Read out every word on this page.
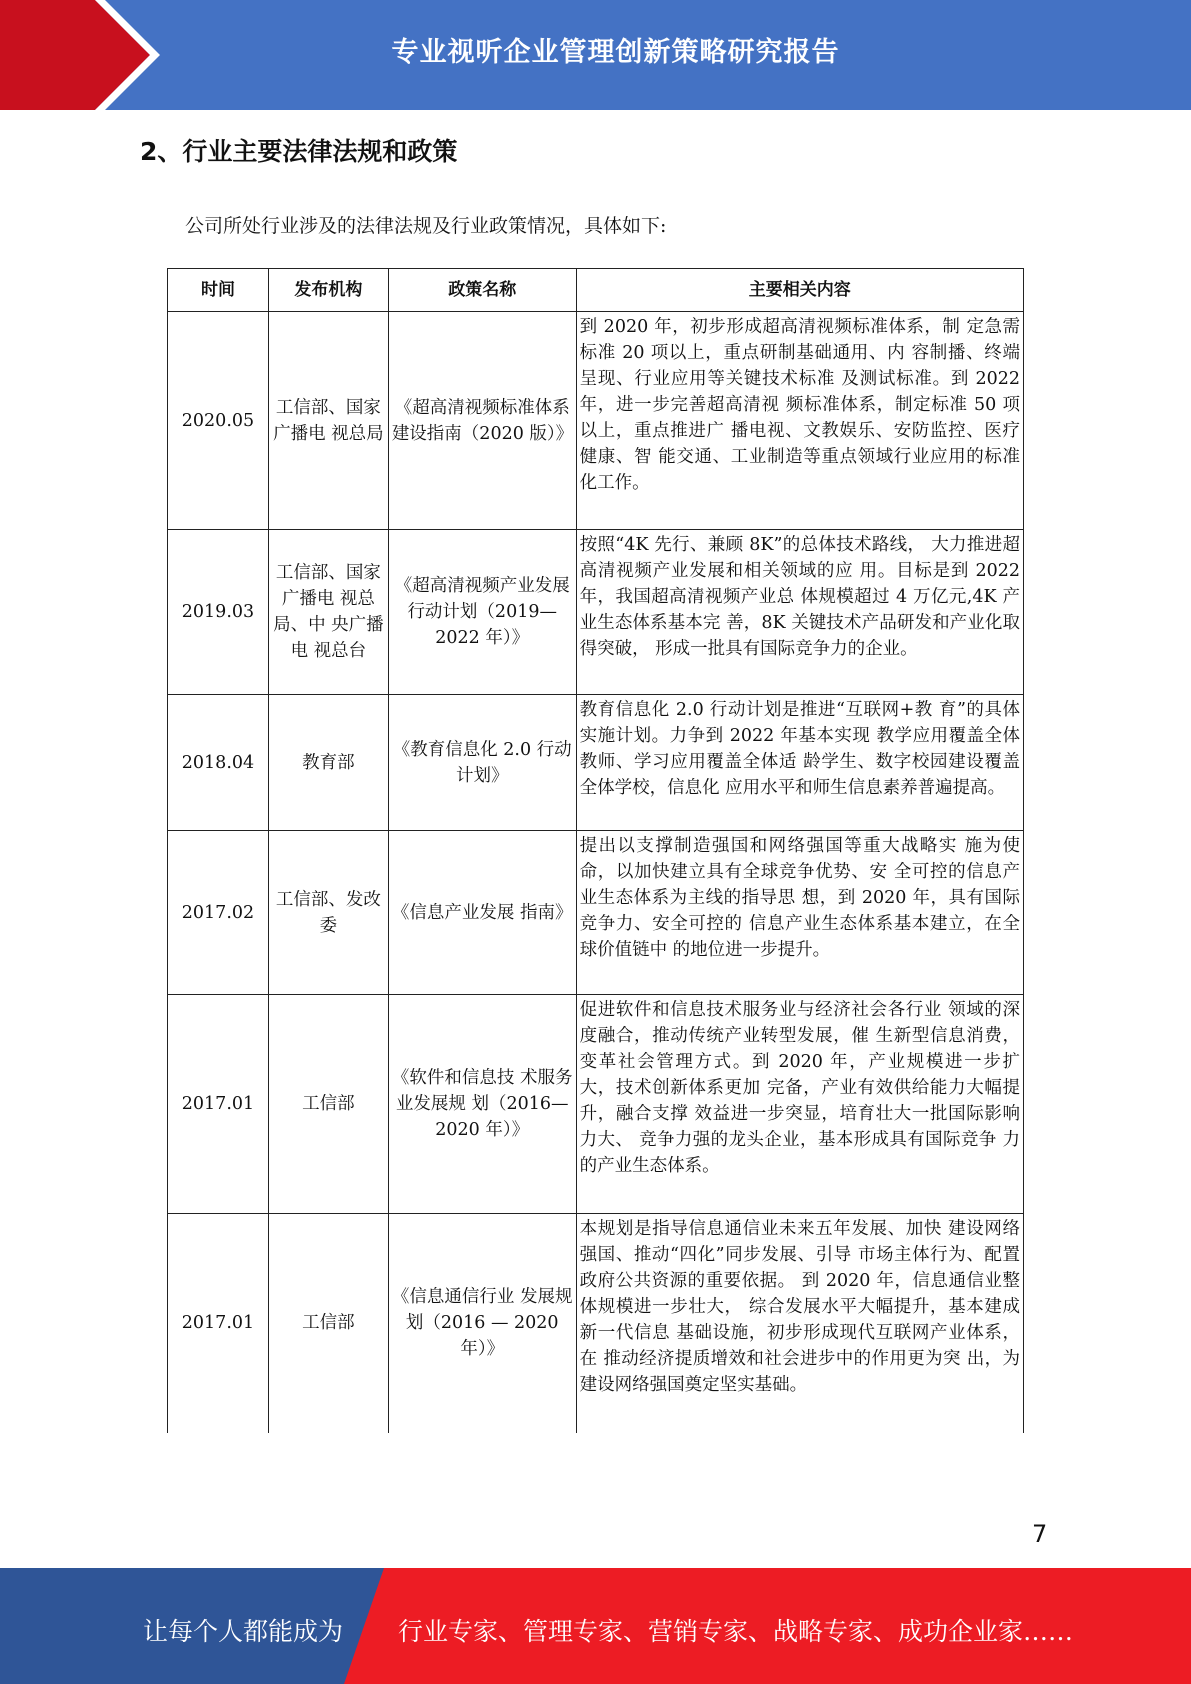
专业视听企业管理创新策略研究报告
2、行业主要法律法规和政策
公司所处行业涉及的法律法规及行业政策情况，具体如下:
时间	发布机构	政策名称	主要相关内容
2020.05	工信部、国家广播电 视总局	《超高清视频标准体系建设指南（2020 版）》	到 2020 年，初步形成超高清视频标准体系，制 定急需标准 20 项以上，重点研制基础通用、内 容制播、终端呈现、行业应用等关键技术标准 及测试标准。到 2022 年，进一步完善超高清视 频标准体系，制定标准 50 项以上，重点推进广 播电视、文教娱乐、安防监控、医疗健康、智 能交通、工业制造等重点领域行业应用的标准 化工作。
2019.03	工信部、国家广播电 视总局、中 央广播电 视总台	《超高清视频产业发展行动计划（2019—2022 年）》	按照“4K 先行、兼顾 8K”的总体技术路线， 大力推进超高清视频产业发展和相关领域的应 用。目标是到 2022 年，我国超高清视频产业总 体规模超过 4 万亿元,4K 产业生态体系基本完 善，8K 关键技术产品研发和产业化取得突破， 形成一批具有国际竞争力的企业。
2018.04	教育部	《教育信息化 2.0 行动计划》	教育信息化 2.0 行动计划是推进“互联网+教 育”的具体实施计划。力争到 2022 年基本实现 教学应用覆盖全体教师、学习应用覆盖全体适 龄学生、数字校园建设覆盖全体学校，信息化 应用水平和师生信息素养普遍提高。
2017.02	工信部、发改委	《信息产业发展 指南》	提出以支撑制造强国和网络强国等重大战略实 施为使命，以加快建立具有全球竞争优势、安 全可控的信息产业生态体系为主线的指导思 想，到 2020 年，具有国际竞争力、安全可控的 信息产业生态体系基本建立，在全球价值链中 的地位进一步提升。
2017.01	工信部	《软件和信息技 术服务业发展规 划（2016— 2020 年）》	促进软件和信息技术服务业与经济社会各行业 领域的深度融合，推动传统产业转型发展，催 生新型信息消费，变革社会管理方式。到 2020 年，产业规模进一步扩大，技术创新体系更加 完备，产业有效供给能力大幅提升，融合支撑 效益进一步突显，培育壮大一批国际影响力大、 竞争力强的龙头企业，基本形成具有国际竞争 力的产业生态体系。
2017.01	工信部	《信息通信行业 发展规划（2016 — 2020 年）》	本规划是指导信息通信业未来五年发展、加快 建设网络强国、推动“四化”同步发展、引导 市场主体行为、配置政府公共资源的重要依据。 到 2020 年，信息通信业整体规模进一步壮大， 综合发展水平大幅提升，基本建成新一代信息 基础设施，初步形成现代互联网产业体系，在 推动经济提质增效和社会进步中的作用更为突 出，为建设网络强国奠定坚实基础。
7
让每个人都能成为 行业专家、管理专家、营销专家、战略专家、成功企业家……
